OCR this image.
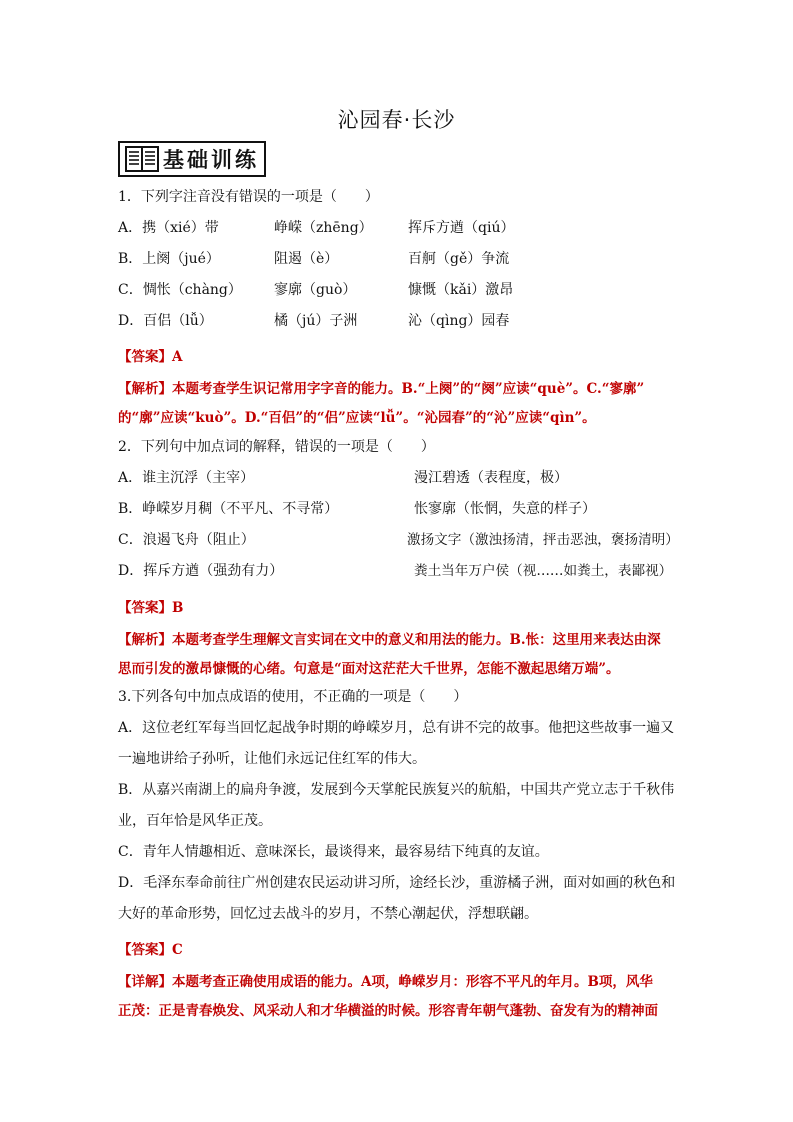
沁园春·长沙
基础训练
1．下列字注音没有错误的一项是（　　）
A．携（xié）带	峥嵘（zhēng）	挥斥方遒（qiú）
B．上阕（jué）	阻遏（è）	百舸（gě）争流
C．惆怅（chàng） 寥廓（guò）	慷慨（kǎi）激昂
D．百侣（lǚ）	橘（jú）子洲	沁（qìng）园春
【答案】A
【解析】本题考查学生识记常用字字音的能力。B.“上阕”的“阕”应读“què”。C.“寥廓”
的“廓”应读“kuò”。D.“百侣”的“侣”应读“lǚ”。“沁园春”的“沁”应读“qìn”。
2．下列句中加点词的解释，错误的一项是（　　）
A．谁主沉浮（主宰）	漫江碧透（表程度，极）
B．峥嵘岁月稠（不平凡、不寻常）	怅寥廓（怅惘，失意的样子）
C．浪遏飞舟（阻止）	激扬文字（激浊扬清，抨击恶浊，褒扬清明）
D．挥斥方遒（强劲有力）	粪土当年万户侯（视……如粪土，表鄙视）
【答案】B
【解析】本题考查学生理解文言实词在文中的意义和用法的能力。B.怅：这里用来表达由深
思而引发的激昂慷慨的心绪。句意是“面对这茫茫大千世界，怎能不激起思绪万端”。
3.下列各句中加点成语的使用，不正确的一项是（　　）
A．这位老红军每当回忆起战争时期的峥嵘岁月，总有讲不完的故事。他把这些故事一遍又
一遍地讲给子孙听，让他们永远记住红军的伟大。
B．从嘉兴南湖上的扁舟争渡，发展到今天掌舵民族复兴的航船，中国共产党立志于千秋伟
业，百年恰是风华正茂。
C．青年人情趣相近、意味深长，最谈得来，最容易结下纯真的友谊。
D．毛泽东奉命前往广州创建农民运动讲习所，途经长沙，重游橘子洲，面对如画的秋色和
大好的革命形势，回忆过去战斗的岁月，不禁心潮起伏，浮想联翩。
【答案】C
【详解】本题考查正确使用成语的能力。A项，峥嵘岁月：形容不平凡的年月。B项，风华
正茂：正是青春焕发、风采动人和才华横溢的时候。形容青年朝气蓬勃、奋发有为的精神面
